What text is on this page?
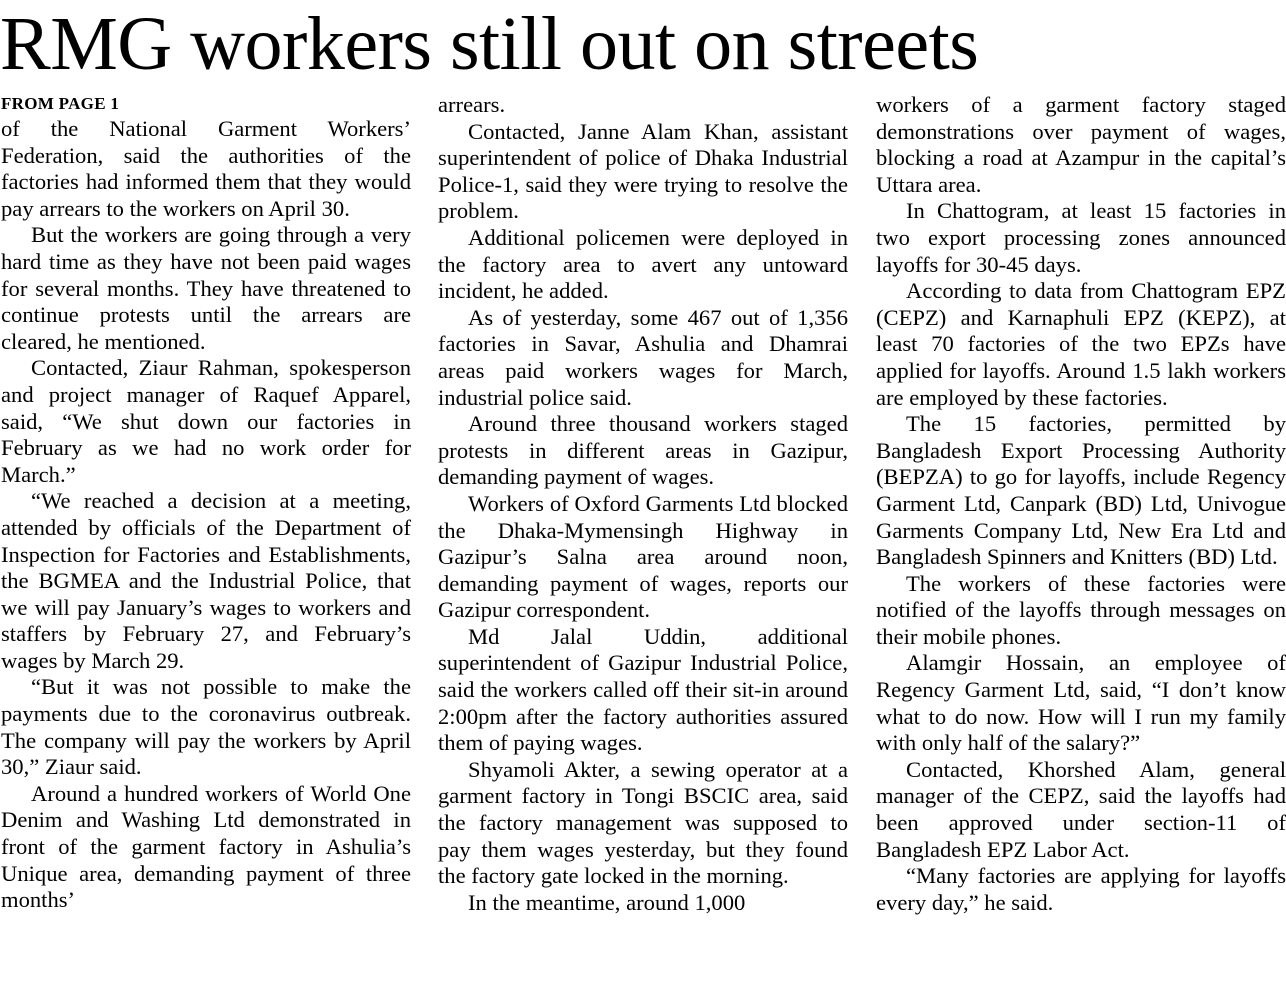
RMG workers still out on streets
FROM PAGE 1

of the National Garment Workers’ Federation, said the authorities of the factories had informed them that they would pay arrears to the workers on April 30.

But the workers are going through a very hard time as they have not been paid wages for several months. They have threatened to continue protests until the arrears are cleared, he mentioned.

Contacted, Ziaur Rahman, spokesperson and project manager of Raquef Apparel, said, “We shut down our factories in February as we had no work order for March.”

“We reached a decision at a meeting, attended by officials of the Department of Inspection for Factories and Establishments, the BGMEA and the Industrial Police, that we will pay January’s wages to workers and staffers by February 27, and February’s wages by March 29.

“But it was not possible to make the payments due to the coronavirus outbreak. The company will pay the workers by April 30,” Ziaur said.

Around a hundred workers of World One Denim and Washing Ltd demonstrated in front of the garment factory in Ashulia’s Unique area, demanding payment of three months’

arrears.

Contacted, Janne Alam Khan, assistant superintendent of police of Dhaka Industrial Police-1, said they were trying to resolve the problem.

Additional policemen were deployed in the factory area to avert any untoward incident, he added.

As of yesterday, some 467 out of 1,356 factories in Savar, Ashulia and Dhamrai areas paid workers wages for March, industrial police said.

Around three thousand workers staged protests in different areas in Gazipur, demanding payment of wages.

Workers of Oxford Garments Ltd blocked the Dhaka-Mymensingh Highway in Gazipur’s Salna area around noon, demanding payment of wages, reports our Gazipur correspondent.

Md Jalal Uddin, additional superintendent of Gazipur Industrial Police, said the workers called off their sit-in around 2:00pm after the factory authorities assured them of paying wages.

Shyamoli Akter, a sewing operator at a garment factory in Tongi BSCIC area, said the factory management was supposed to pay them wages yesterday, but they found the factory gate locked in the morning.

In the meantime, around 1,000

workers of a garment factory staged demonstrations over payment of wages, blocking a road at Azampur in the capital’s Uttara area.

In Chattogram, at least 15 factories in two export processing zones announced layoffs for 30-45 days.

According to data from Chattogram EPZ (CEPZ) and Karnaphuli EPZ (KEPZ), at least 70 factories of the two EPZs have applied for layoffs. Around 1.5 lakh workers are employed by these factories.

The 15 factories, permitted by Bangladesh Export Processing Authority (BEPZA) to go for layoffs, include Regency Garment Ltd, Canpark (BD) Ltd, Univogue Garments Company Ltd, New Era Ltd and Bangladesh Spinners and Knitters (BD) Ltd.

The workers of these factories were notified of the layoffs through messages on their mobile phones.

Alamgir Hossain, an employee of Regency Garment Ltd, said, “I don’t know what to do now. How will I run my family with only half of the salary?”

Contacted, Khorshed Alam, general manager of the CEPZ, said the layoffs had been approved under section-11 of Bangladesh EPZ Labor Act.

“Many factories are applying for layoffs every day,” he said.
